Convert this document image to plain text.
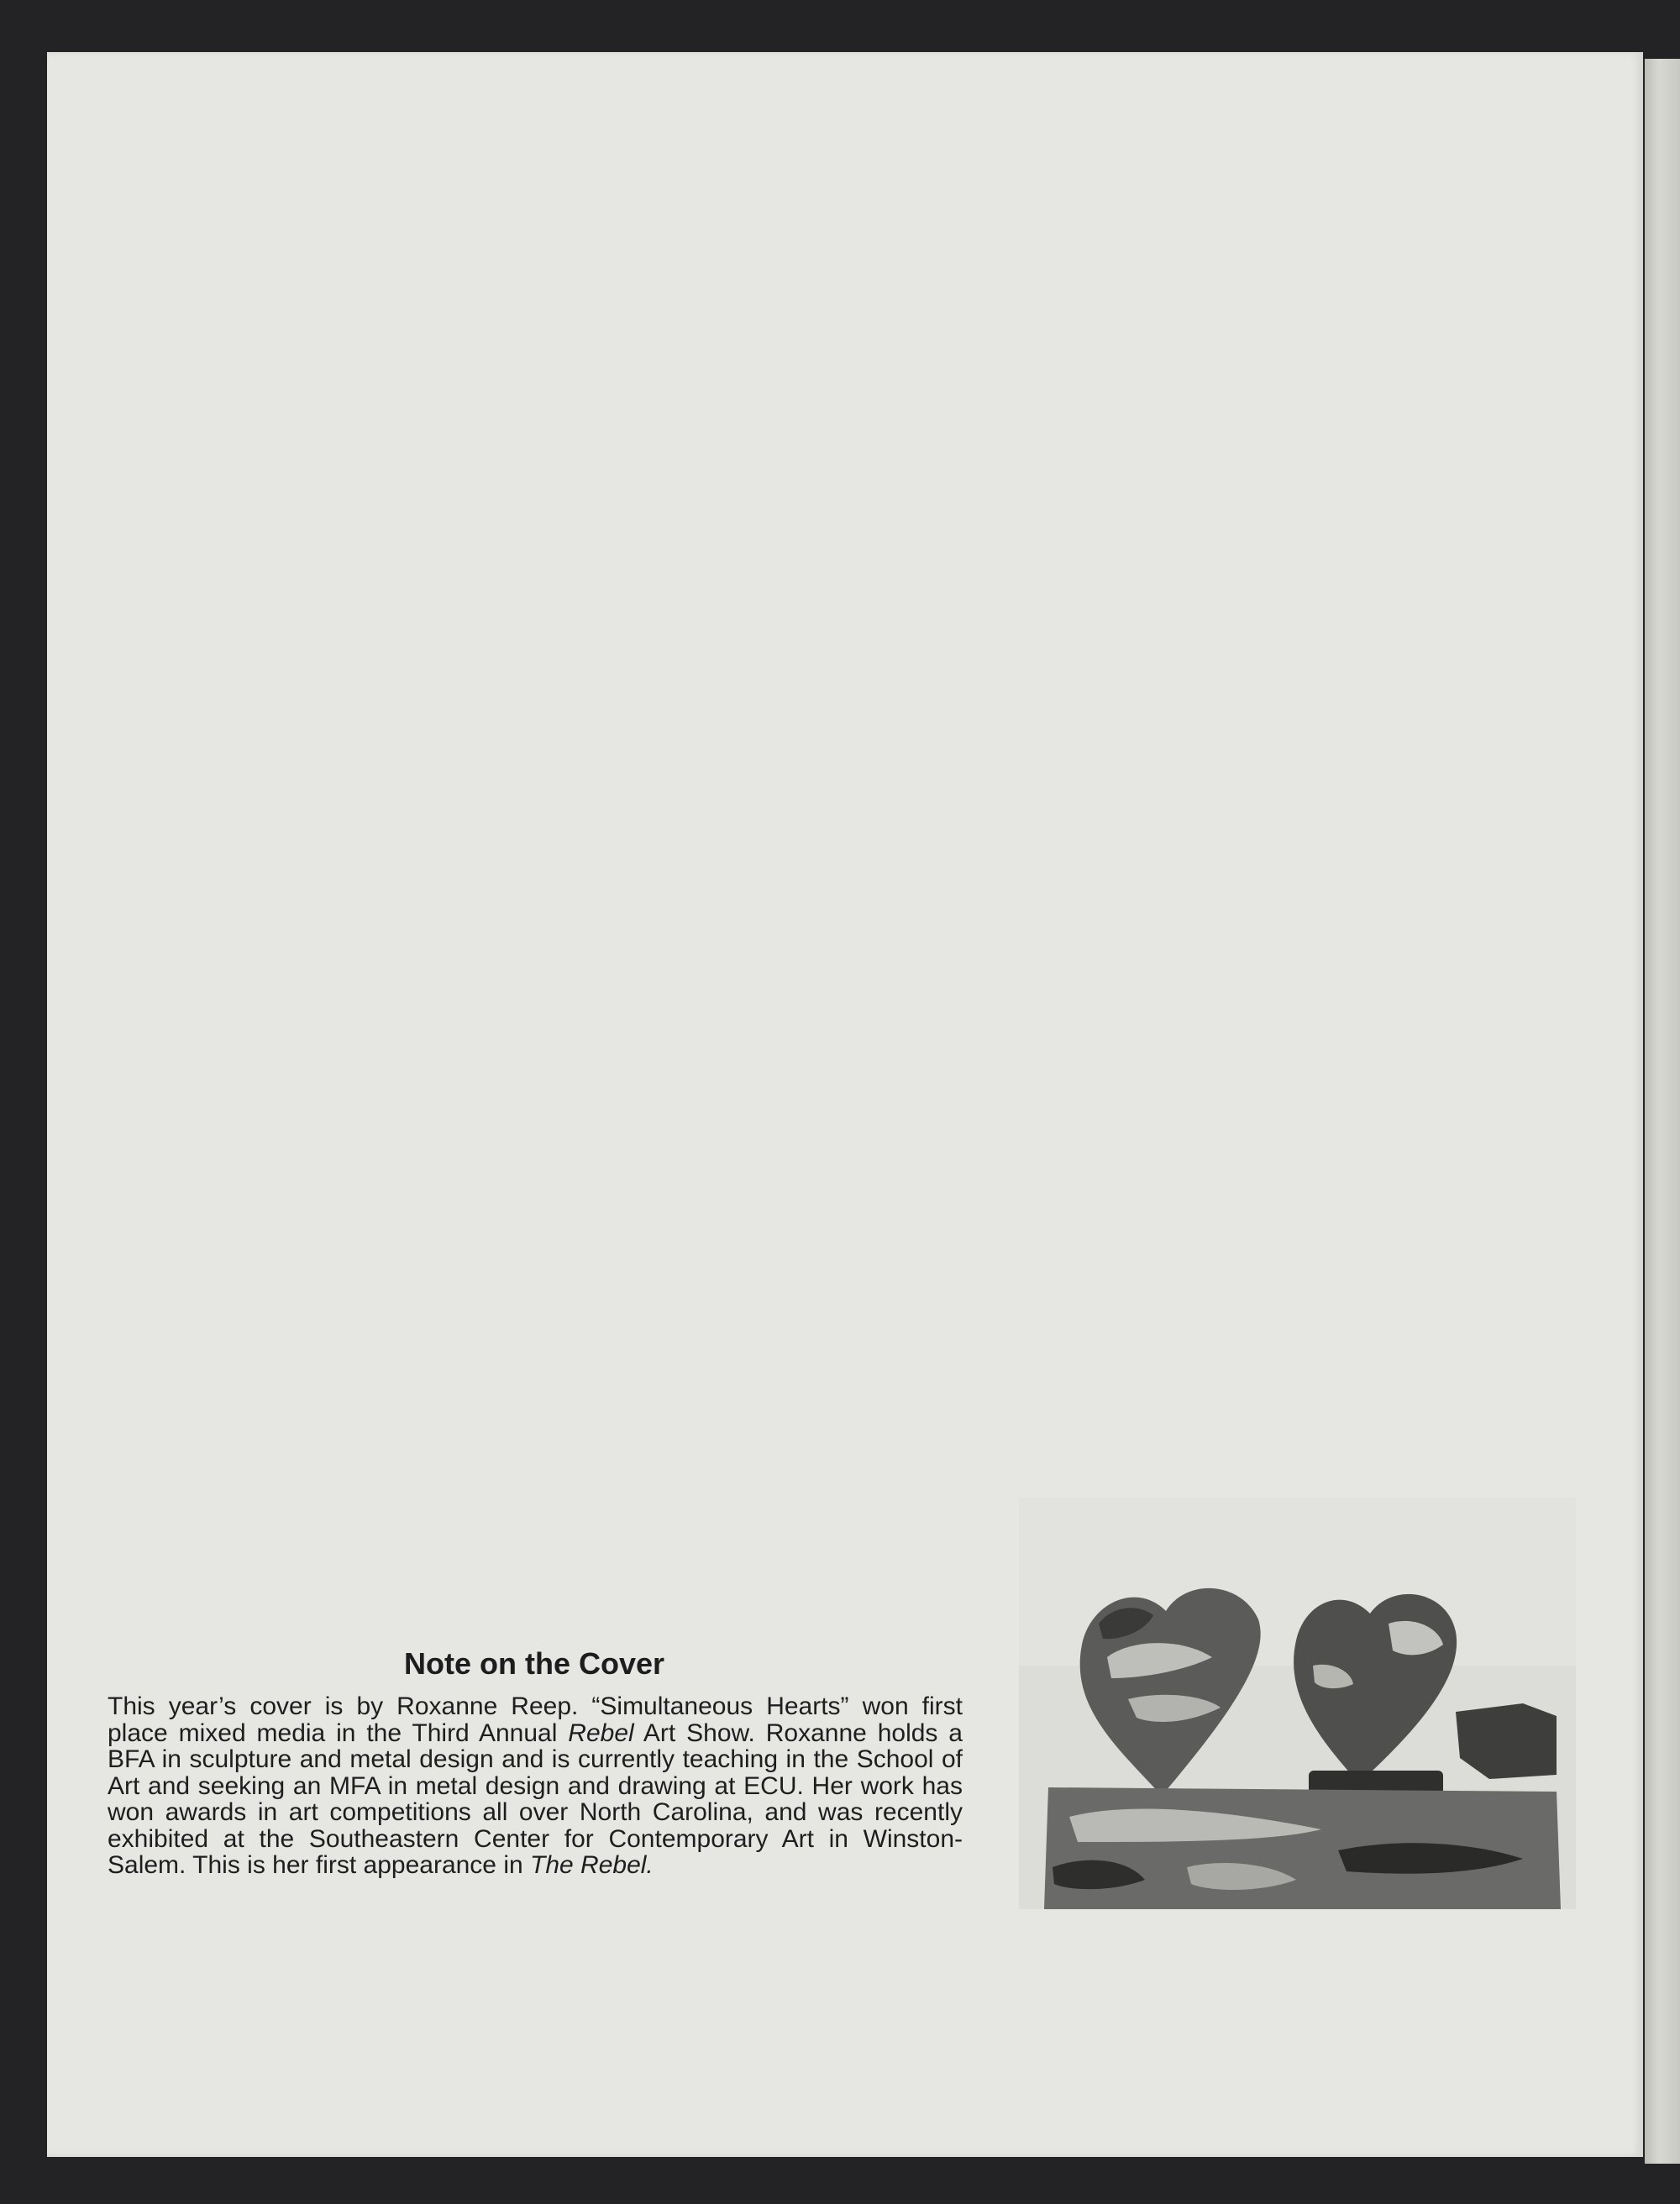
Note on the Cover

This year’s cover is by Roxanne Reep. “Simultaneous Hearts” won first place mixed media in the Third Annual Rebel Art Show. Roxanne holds a BFA in sculpture and metal design and is currently teaching in the School of Art and seeking an MFA in metal design and drawing at ECU. Her work has won awards in art competitions all over North Carolina, and was recently exhibited at the Southeastern Center for Contemporary Art in Winston-Salem. This is her first appearance in The Rebel.
